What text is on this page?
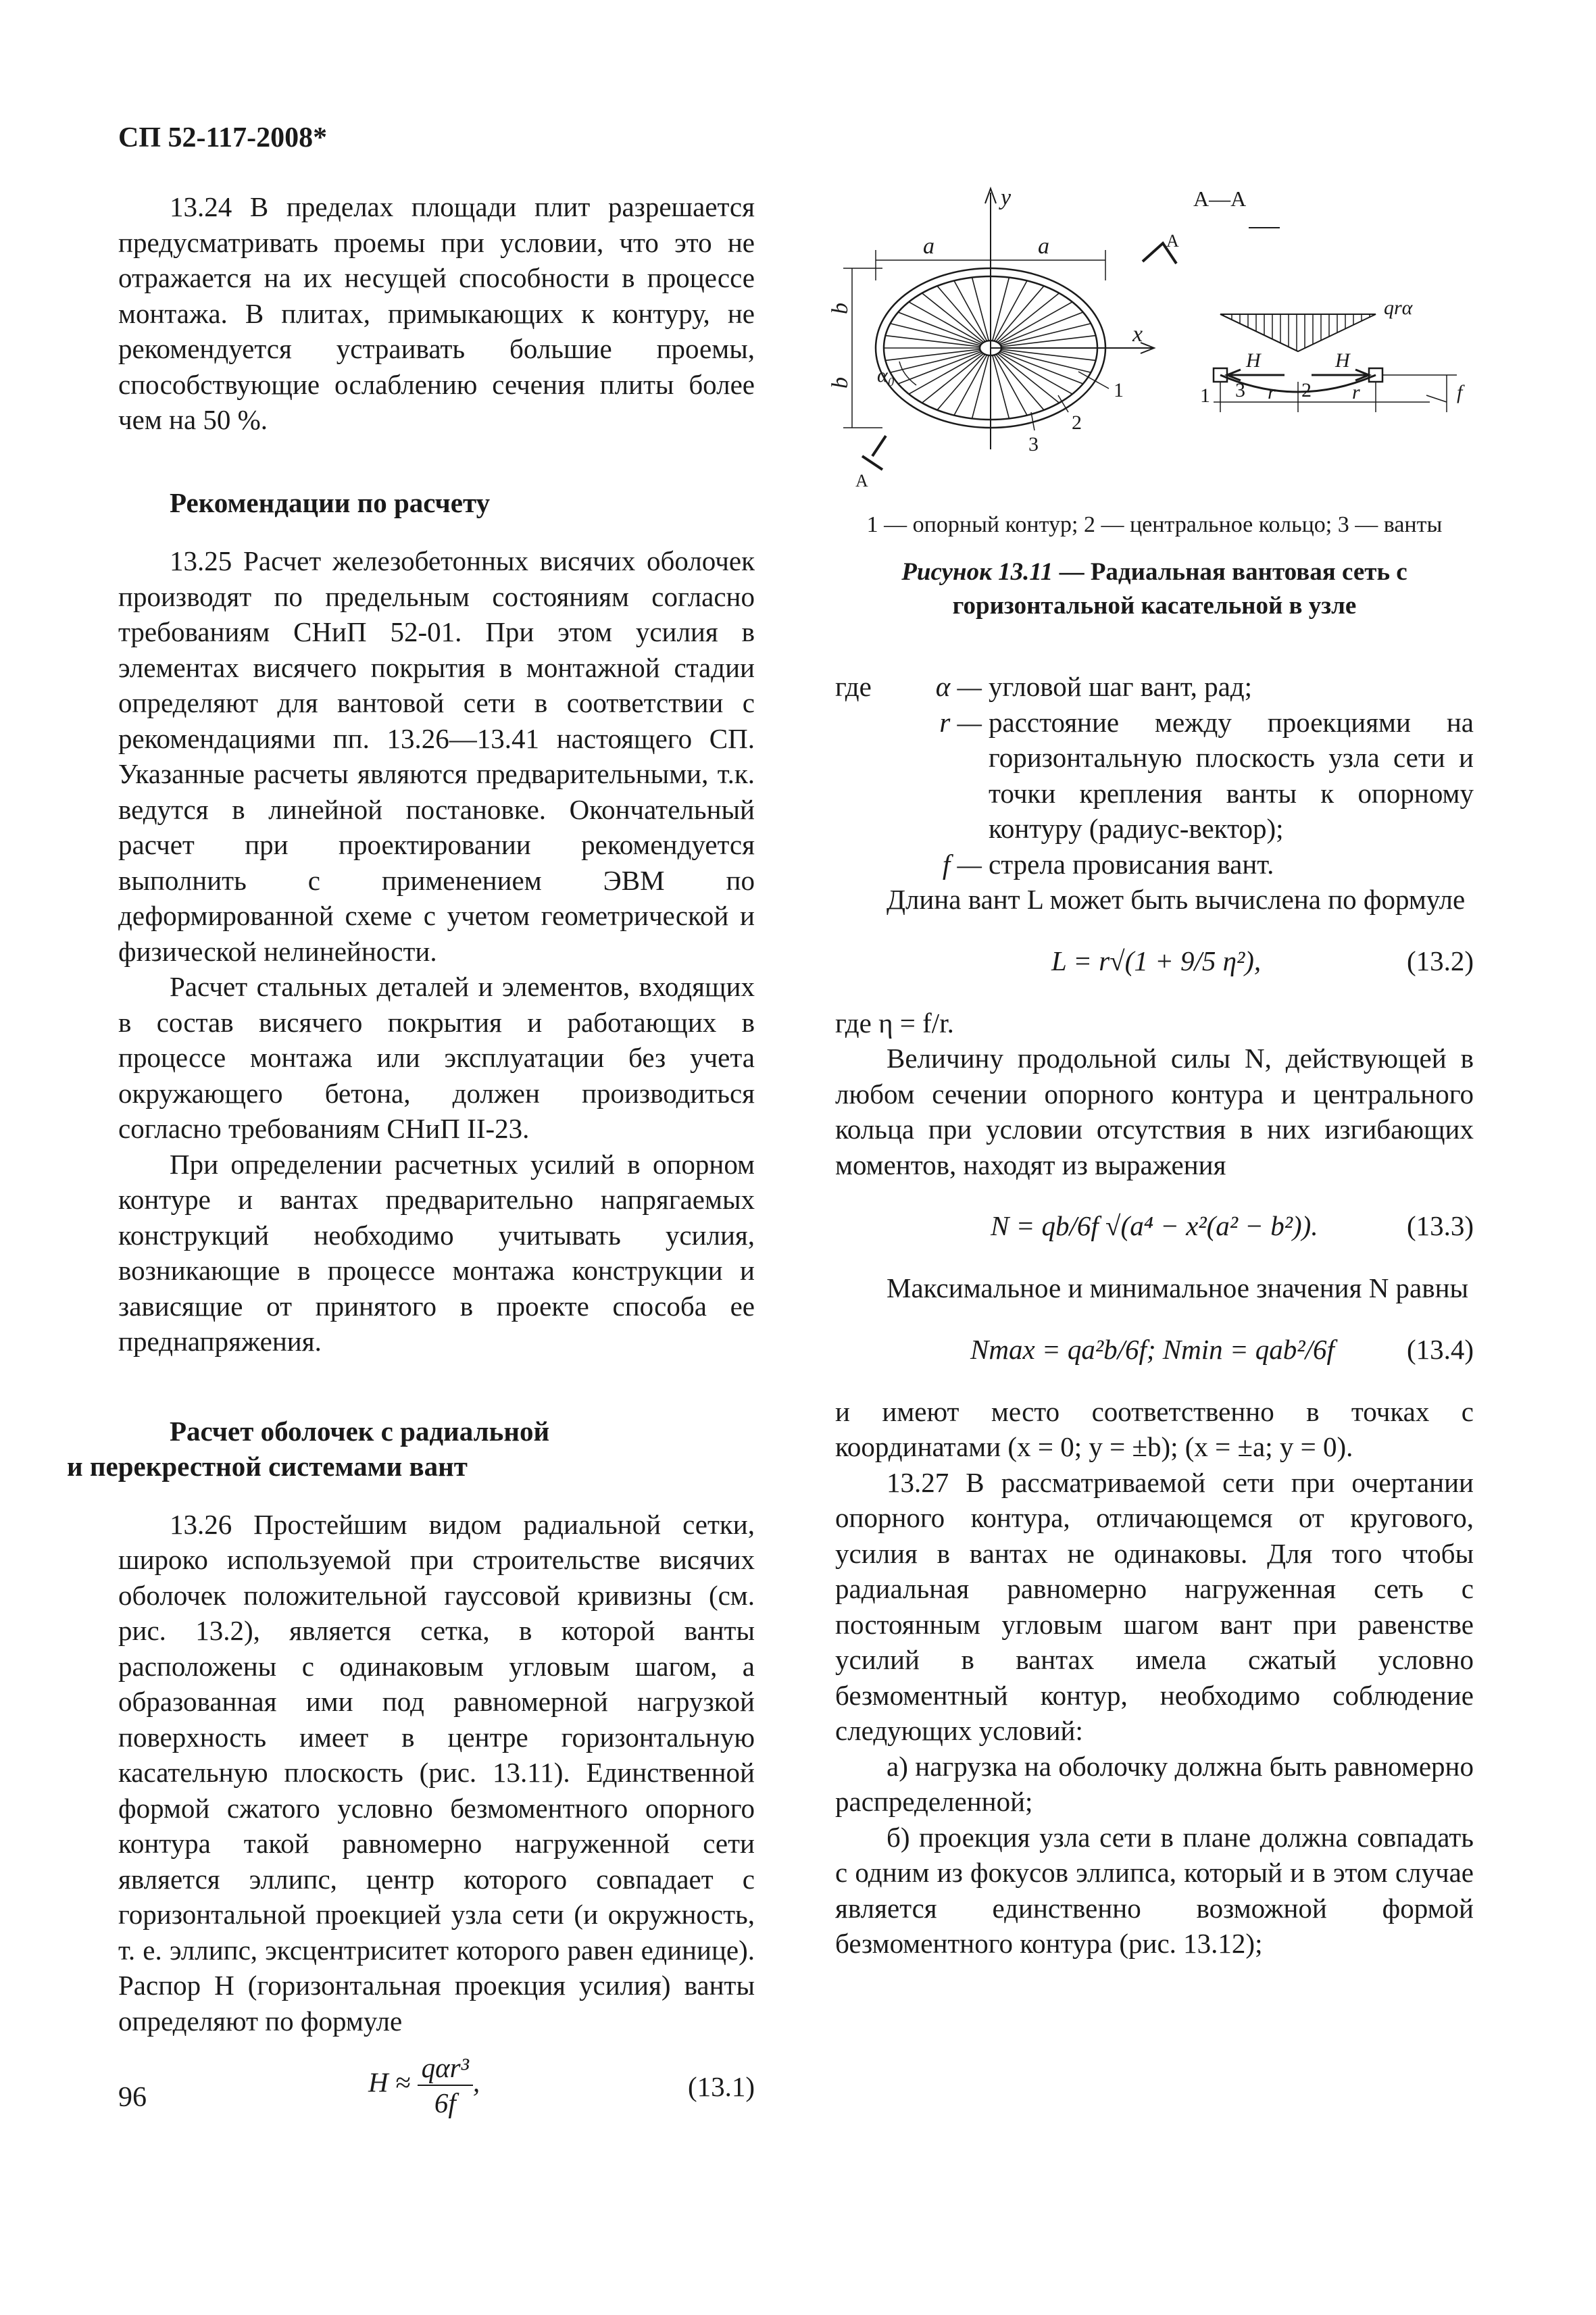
СП 52-117-2008*

13.24 В пределах площади плит разрешается предусматривать проемы при условии, что это не отражается на их несущей способности в процессе монтажа. В плитах, примыкающих к контуру, не рекомендуется устраивать большие проемы, способствующие ослаблению сечения плиты более чем на 50 %.

Рекомендации по расчету

13.25 Расчет железобетонных висячих оболочек производят по предельным состояниям согласно требованиям СНиП 52-01. При этом усилия в элементах висячего покрытия в монтажной стадии определяют для вантовой сети в соответствии с рекомендациями пп. 13.26—13.41 настоящего СП. Указанные расчеты являются предварительными, т.к. ведутся в линейной постановке. Окончательный расчет при проектировании рекомендуется выполнить с применением ЭВМ по деформированной схеме с учетом геометрической и физической нелинейности.

Расчет стальных деталей и элементов, входящих в состав висячего покрытия и работающих в процессе монтажа или эксплуатации без учета окружающего бетона, должен производиться согласно требованиям СНиП II-23.

При определении расчетных усилий в опорном контуре и вантах предварительно напрягаемых конструкций необходимо учитывать усилия, возникающие в процессе монтажа конструкции и зависящие от принятого в проекте способа ее преднапряжения.

Расчет оболочек с радиальной
и перекрестной системами вант

13.26 Простейшим видом радиальной сетки, широко используемой при строительстве висячих оболочек положительной гауссовой кривизны (см. рис. 13.2), является сетка, в которой ванты расположены с одинаковым угловым шагом, а образованная ими под равномерной нагрузкой поверхность имеет в центре горизонтальную касательную плоскость (рис. 13.11). Единственной формой сжатого условно безмоментного опорного контура такой равномерно нагруженной сети является эллипс, центр которого совпадает с горизонтальной проекцией узла сети (и окружность, т. е. эллипс, эксцентриситет которого равен единице). Распор H (горизонтальная проекция усилия) ванты определяют по формуле

$H \approx \frac{\text{qαr³}}{6f}$ ,	(13.1)
96
y
x
a	a
b
b α₀
A—A
qrα
H	H
r	r	f
1
2
3
1 3	2
A
A
1 — опорный контур; 2 — центральное кольцо; 3 — ванты
Рисунок 13.11 — Радиальная вантовая сеть с горизонтальной касательной в узле
где	α — угловой шаг вант, рад;
r — расстояние между проекциями на горизонтальную плоскость узла сети и точки крепления ванты к опорному контуру (радиус-вектор);
f — стрела провисания вант.

Длина вант L может быть вычислена по формуле

L = r√(1 + 9/5 η²),	(13.2)

где η = f/r.

Величину продольной силы N, действующей в любом сечении опорного контура и центрального кольца при условии отсутствия в них изгибающих моментов, находят из выражения

N = qb/6f √(a⁴ − x²(a² − b²)).	(13.3)

Максимальное и минимальное значения N равны

Nmax = qa²b/6f; Nmin = qab²/6f	(13.4)

и имеют место соответственно в точках с координатами (x = 0; y = ±b); (x = ±a; y = 0).

13.27 В рассматриваемой сети при очертании опорного контура, отличающемся от кругового, усилия в вантах не одинаковы. Для того чтобы радиальная равномерно нагруженная сеть с постоянным угловым шагом вант при равенстве усилий в вантах имела сжатый условно безмоментный контур, необходимо соблюдение следующих условий:

а) нагрузка на оболочку должна быть равномерно распределенной;

б) проекция узла сети в плане должна совпадать с одним из фокусов эллипса, который и в этом случае является единственно возможной формой безмоментного контура (рис. 13.12);
